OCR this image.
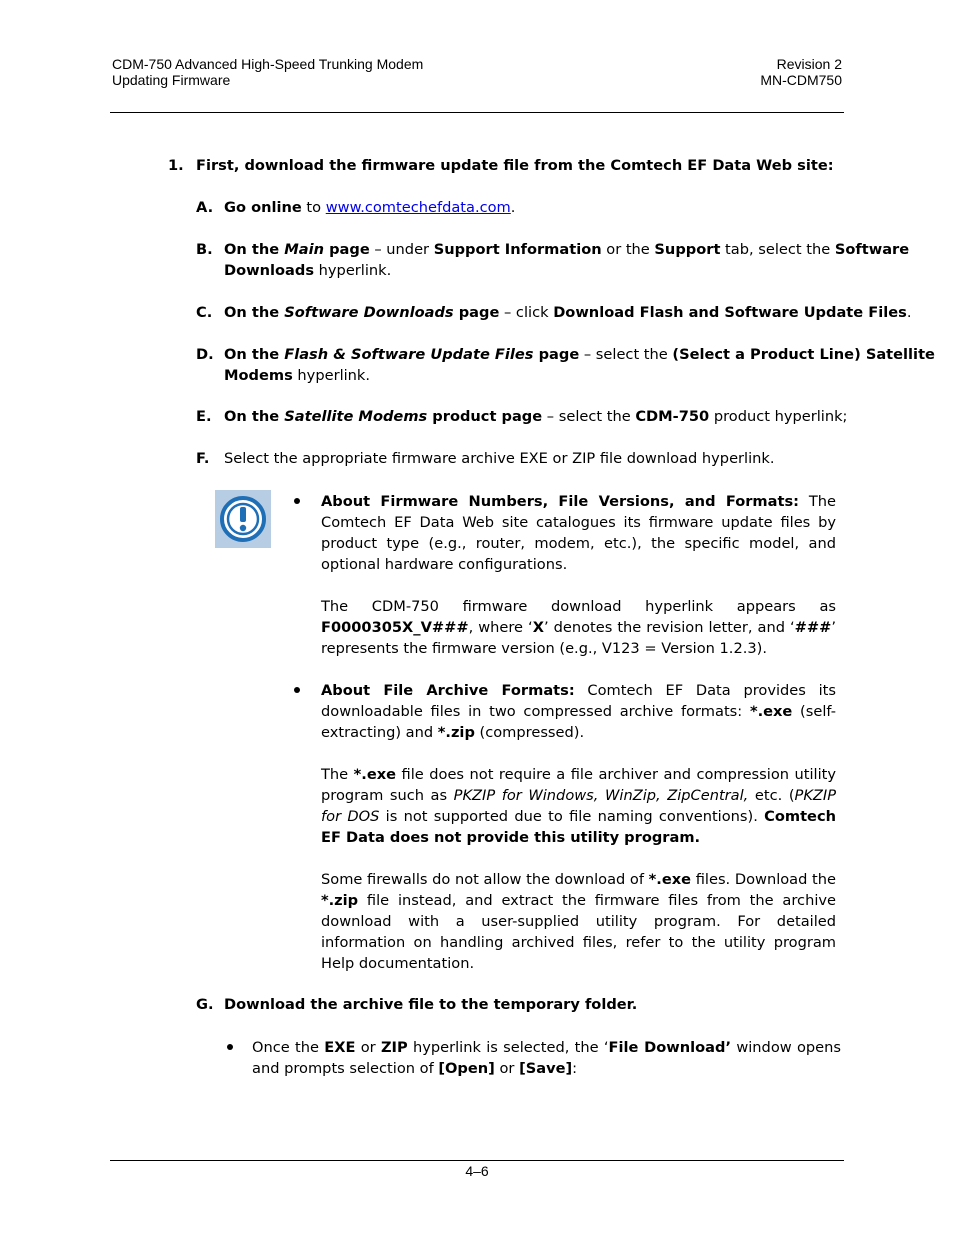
CDM-750 Advanced High-Speed Trunking Modem
Updating Firmware
Revision 2
MN-CDM750
1. First, download the firmware update file from the Comtech EF Data Web site:
A. Go online to www.comtechefdata.com.
B. On the Main page – under Support Information or the Support tab, select the Software
Downloads hyperlink.
C. On the Software Downloads page – click Download Flash and Software Update Files.
D. On the Flash & Software Update Files page – select the (Select a Product Line) Satellite
Modems hyperlink.
E. On the Satellite Modems product page – select the CDM-750 product hyperlink;
F. Select the appropriate firmware archive EXE or ZIP file download hyperlink.
About Firmware Numbers, File Versions, and Formats: The Comtech EF Data Web site catalogues its firmware update files by product type (e.g., router, modem, etc.), the specific model, and optional hardware configurations.
The CDM-750 firmware download hyperlink appears as F0000305X_V###, where ‘X’ denotes the revision letter, and ‘###’ represents the firmware version (e.g., V123 = Version 1.2.3).
About File Archive Formats: Comtech EF Data provides its downloadable files in two compressed archive formats: *.exe (self-extracting) and *.zip (compressed).
The *.exe file does not require a file archiver and compression utility program such as PKZIP for Windows, WinZip, ZipCentral, etc. (PKZIP for DOS is not supported due to file naming conventions). Comtech EF Data does not provide this utility program.
Some firewalls do not allow the download of *.exe files. Download the *.zip file instead, and extract the firmware files from the archive download with a user-supplied utility program. For detailed information on handling archived files, refer to the utility program Help documentation.
G. Download the archive file to the temporary folder.
Once the EXE or ZIP hyperlink is selected, the ‘File Download’ window opens and prompts selection of [Open] or [Save]:
4–6
